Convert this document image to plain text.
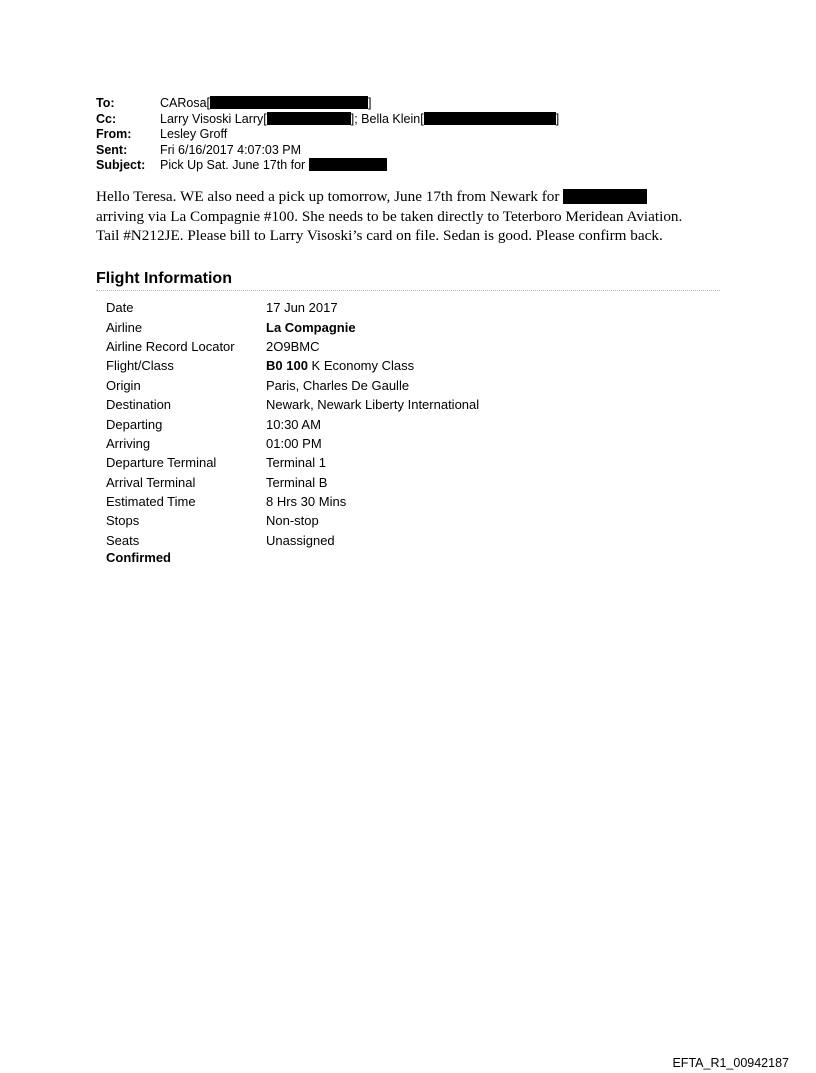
To:	CARosa[	]
Cc:	Larry Visoski Larry[	]; Bella Klein[	]
From:	Lesley Groff
Sent:	Fri 6/16/2017 4:07:03 PM
Subject:	Pick Up Sat. June 17th for
Hello Teresa. WE also need a pick up tomorrow, June 17th from Newark for
arriving via La Compagnie #100. She needs to be taken directly to Teterboro Meridean Aviation.
Tail #N212JE. Please bill to Larry Visoski’s card on file. Sedan is good. Please confirm back.
Flight Information
Date	17 Jun 2017
Airline	La Compagnie
Airline Record Locator	2O9BMC
Flight/Class	B0 100 K Economy Class
Origin	Paris, Charles De Gaulle
Destination	Newark, Newark Liberty International
Departing	10:30 AM
Arriving	01:00 PM
Departure Terminal	Terminal 1
Arrival Terminal	Terminal B
Estimated Time	8 Hrs 30 Mins
Stops	Non-stop
Seats	Unassigned
Confirmed
EFTA_R1_00942187
